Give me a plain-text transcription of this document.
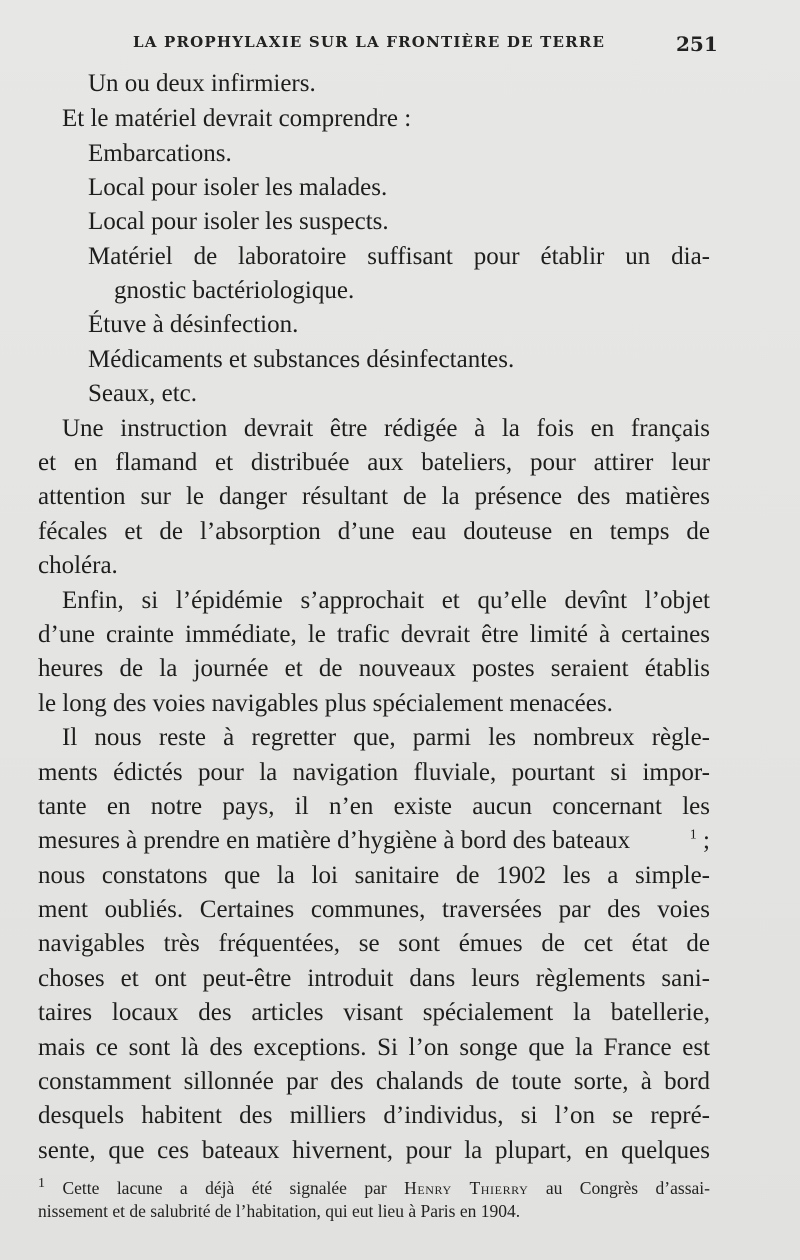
LA PROPHYLAXIE SUR LA FRONTIÈRE DE TERRE	251
Un ou deux infirmiers.
Et le matériel devrait comprendre :
Embarcations.
Local pour isoler les malades.
Local pour isoler les suspects.
Matériel de laboratoire suffisant pour établir un dia-
gnostic bactériologique.
Étuve à désinfection.
Médicaments et substances désinfectantes.
Seaux, etc.
Une instruction devrait être rédigée à la fois en français
et en flamand et distribuée aux bateliers, pour attirer leur
attention sur le danger résultant de la présence des matières
fécales et de l’absorption d’une eau douteuse en temps de
choléra.
Enfin, si l’épidémie s’approchait et qu’elle devînt l’objet
d’une crainte immédiate, le trafic devrait être limité à certaines
heures de la journée et de nouveaux postes seraient établis
le long des voies navigables plus spécialement menacées.
Il nous reste à regretter que, parmi les nombreux règle-
ments édictés pour la navigation fluviale, pourtant si impor-
tante en notre pays, il n’en existe aucun concernant les
mesures à prendre en matière d’hygiène à bord des bateaux	$^1$ ;
nous constatons que la loi sanitaire de 1902 les a simple-
ment oubliés. Certaines communes, traversées par des voies
navigables très fréquentées, se sont émues de cet état de
choses et ont peut-être introduit dans leurs règlements sani-
taires locaux des articles visant spécialement la batellerie,
mais ce sont là des exceptions. Si l’on songe que la France est
constamment sillonnée par des chalands de toute sorte, à bord
desquels habitent des milliers d’individus, si l’on se repré-
sente, que ces bateaux hivernent, pour la plupart, en quelques
$^1$ Cette lacune a déjà été signalée par Henry Thierry au Congrès d’assai-
nissement et de salubrité de l’habitation, qui eut lieu à Paris en 1904.
